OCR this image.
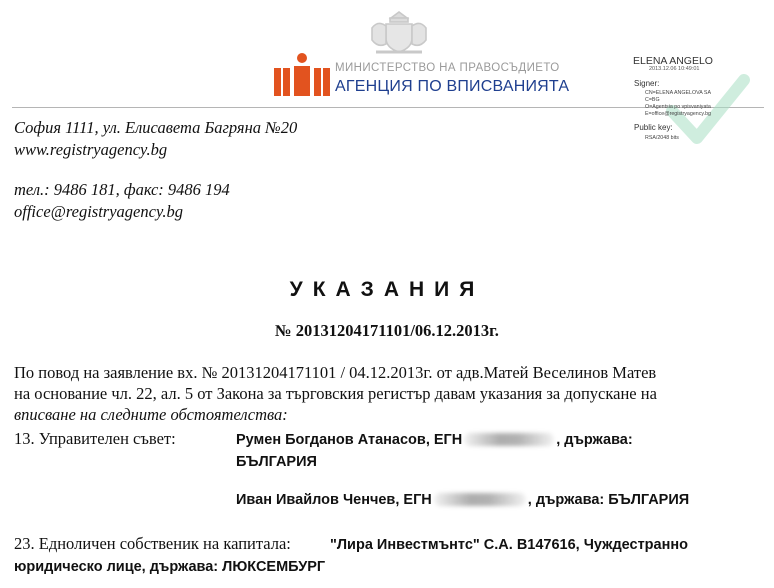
МИНИСТЕРСТВО НА ПРАВОСЪДИЕТО
АГЕНЦИЯ ПО ВПИСВАНИЯТА
ELENA ANGELO
2013.12.06 10:49:01
Signer:
CN=ELENA ANGELOVA SA
C=BG
O=Agentsia po vpisvaniyata
E=office@registryagency.bg
Public key:
RSA/2048 bits
София 1111, ул. Елисавета Багряна №20
www.registryagency.bg
тел.: 9486 181, факс: 9486 194
office@registryagency.bg
УКАЗАНИЯ
№ 20131204171101/06.12.2013г.
По повод на заявление вх. № 20131204171101 / 04.12.2013г. от адв.Матей Веселинов Матев
на основание чл. 22, ал. 5 от Закона за търговския регистър давам указания за допускане на
вписване на следните обстоятелства:
13. Управителен съвет:	Румен Богданов Атанасов, ЕГН	, държава:
БЪЛГАРИЯ
Иван Ивайлов Ченчев, ЕГН	, държава: БЪЛГАРИЯ
23. Едноличен собственик на капитала:	"Лира Инвестмънтс" С.А. B147616, Чуждестранно
юридическо лице, държава: ЛЮКСЕМБУРГ
